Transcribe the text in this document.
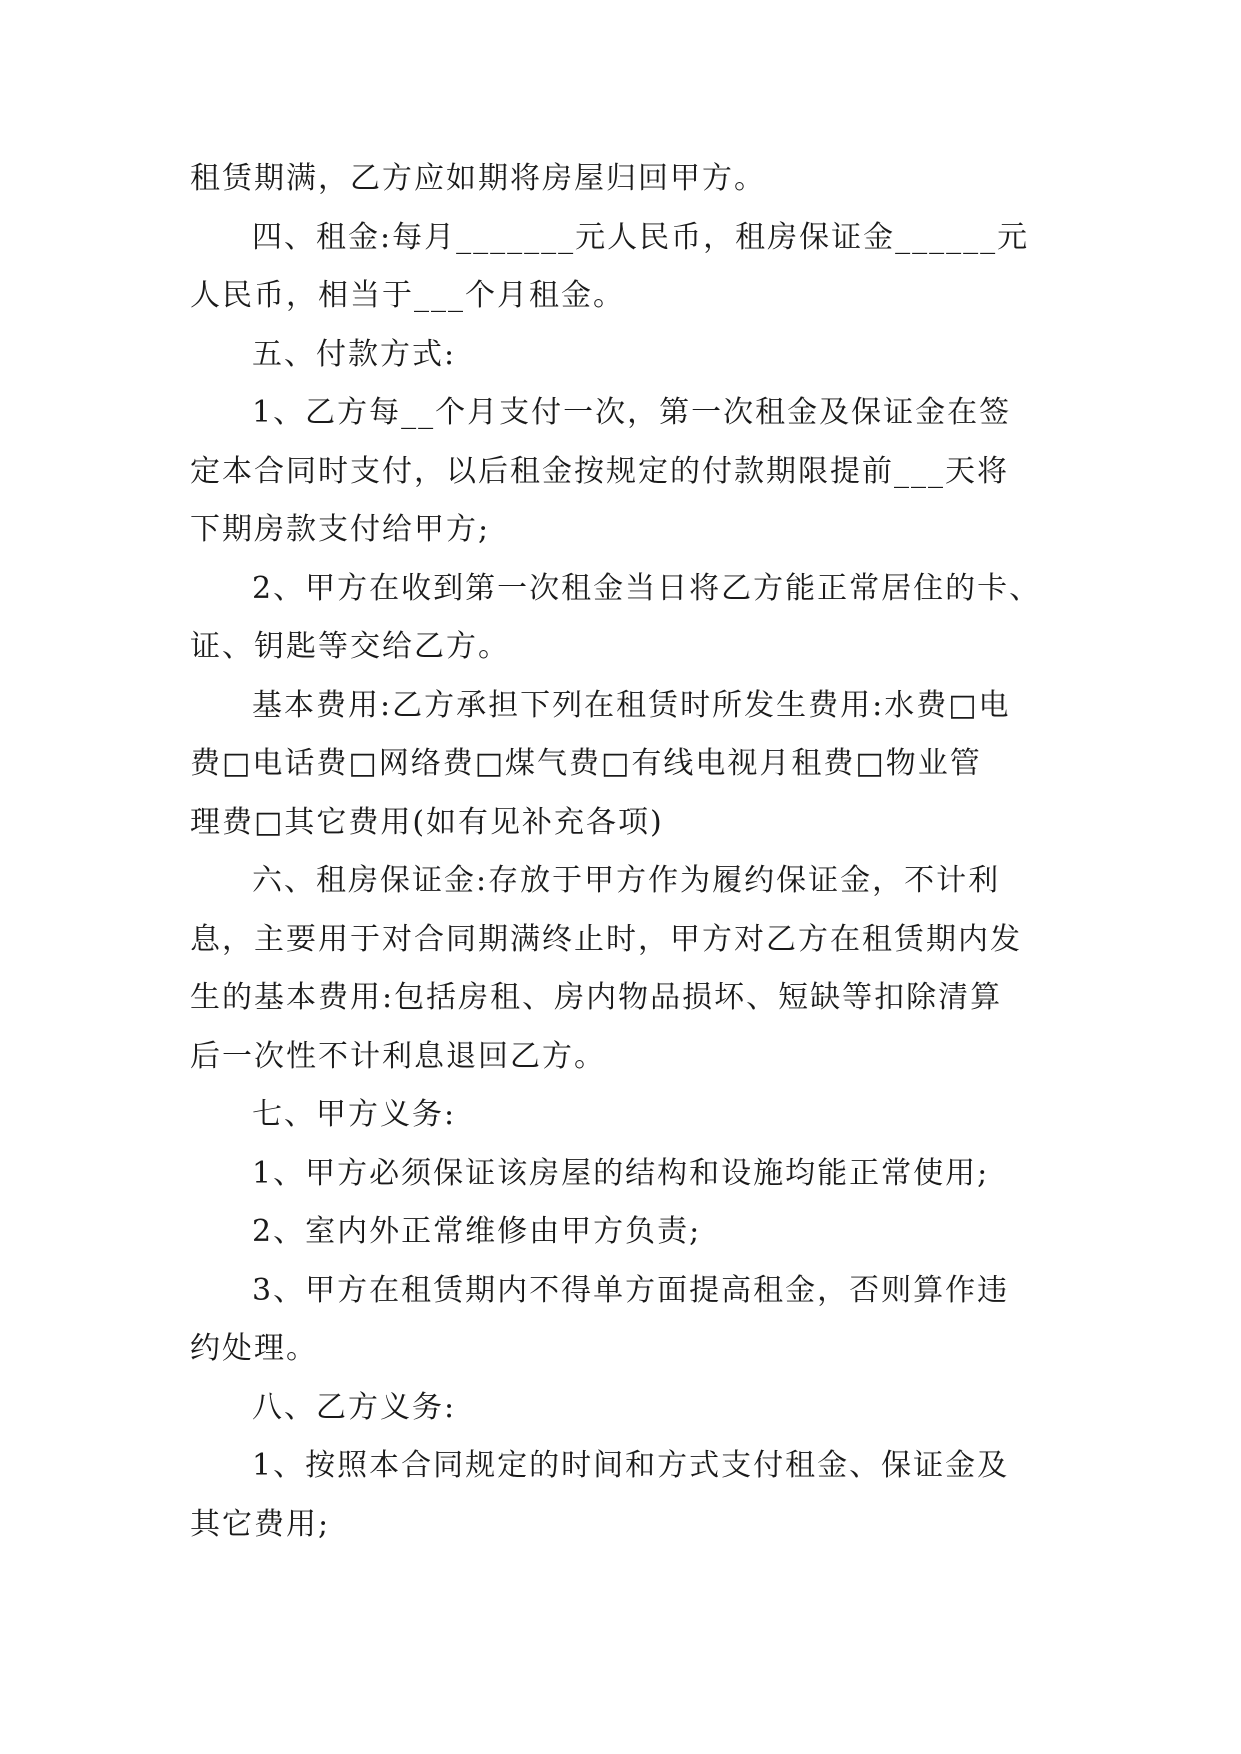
租赁期满，乙方应如期将房屋归回甲方。
四、租金:每月_______元人民币，租房保证金______元
人民币，相当于___个月租金。
五、付款方式:
1、乙方每__个月支付一次，第一次租金及保证金在签
定本合同时支付，以后租金按规定的付款期限提前___天将
下期房款支付给甲方;
2、甲方在收到第一次租金当日将乙方能正常居住的卡、
证、钥匙等交给乙方。
基本费用:乙方承担下列在租赁时所发生费用:水费□电
费□电话费□网络费□煤气费□有线电视月租费□物业管
理费□其它费用(如有见补充各项)
六、租房保证金:存放于甲方作为履约保证金，不计利
息，主要用于对合同期满终止时，甲方对乙方在租赁期内发
生的基本费用:包括房租、房内物品损坏、短缺等扣除清算
后一次性不计利息退回乙方。
七、甲方义务:
1、甲方必须保证该房屋的结构和设施均能正常使用;
2、室内外正常维修由甲方负责;
3、甲方在租赁期内不得单方面提高租金，否则算作违
约处理。
八、乙方义务:
1、按照本合同规定的时间和方式支付租金、保证金及
其它费用;
